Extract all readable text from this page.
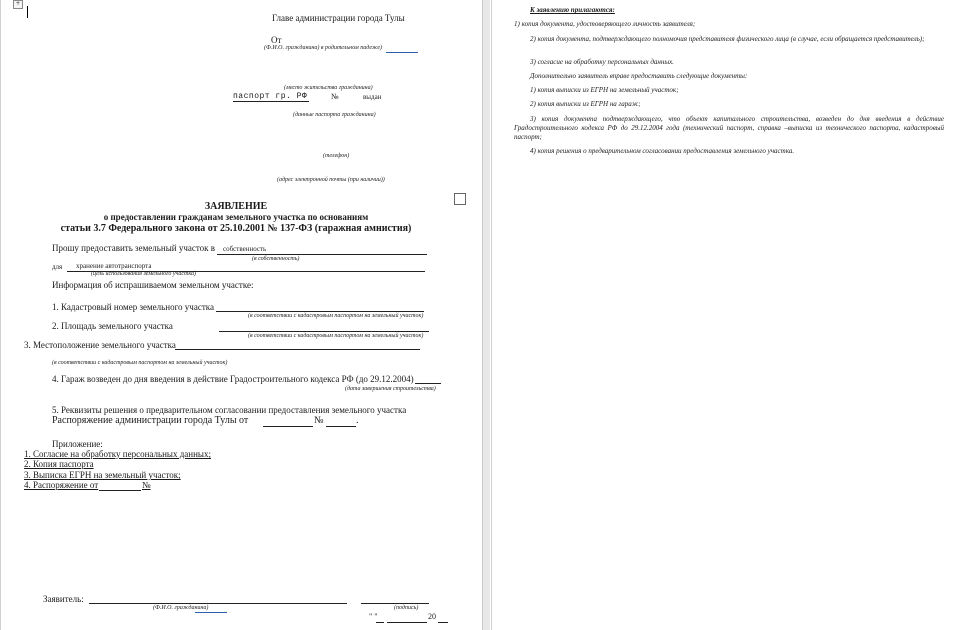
+
Главе администрации города Тулы
От
(Ф.И.О. гражданина) в родительном падеже)
(место жительства гражданина)
паспорт гр. РФ	№	выдан
(данные паспорта гражданина)
(телефон)
(адрес электронной почты (при наличии))
ЗАЯВЛЕНИЕ
о предоставлении гражданам земельного участка по основаниям
статьи 3.7 Федерального закона от 25.10.2001 № 137-ФЗ (гаражная амнистия)
Прошу предоставить земельный участок в собственность
(в собственность)
для хранение автотранспорта
(цель использования земельного участка)
Информация об испрашиваемом земельном участке:
1. Кадастровый номер земельного участка
(в соответствии с кадастровым паспортом на земельный участок)
2. Площадь земельного участка
(в соответствии с кадастровым паспортом на земельный участок)
3. Местоположение земельного участка
(в соответствии с кадастровым паспортом на земельный участок)
4. Гараж возведен до дня введения в действие Градостроительного кодекса РФ (до 29.12.2004)
(дата завершения строительства)
5. Реквизиты решения о предварительном согласовании предоставления земельного участка
Распоряжение администрации города Тулы от	№	.
Приложение:
1. Согласие на обработку персональных данных;
2. Копия паспорта
3. Выписка ЕГРН на земельный участок;
4. Распоряжение от	№
Заявитель:
(Ф.И.О. гражданина)	(подпись)
" "	20
К заявлению прилагаются:
1) копия документа, удостоверяющего личность заявителя;
2) копия документа, подтверждающего полномочия представителя физического лица (в случае, если обращается представитель);
3) согласие на обработку персональных данных.
Дополнительно заявитель вправе предоставить следующие документы:
1) копия выписки из ЕГРН на земельный участок;
2) копия выписки из ЕГРН на гараж;
3) копия документа подтверждающего, что объект капитального строительства, возведен до дня введения в действие Градостроительного кодекса РФ до 29.12.2004 года (технический паспорт, справка –выписка из технического паспорта, кадастровый паспорт;
4) копия решения о предварительном согласовании предоставления земельного участка.
